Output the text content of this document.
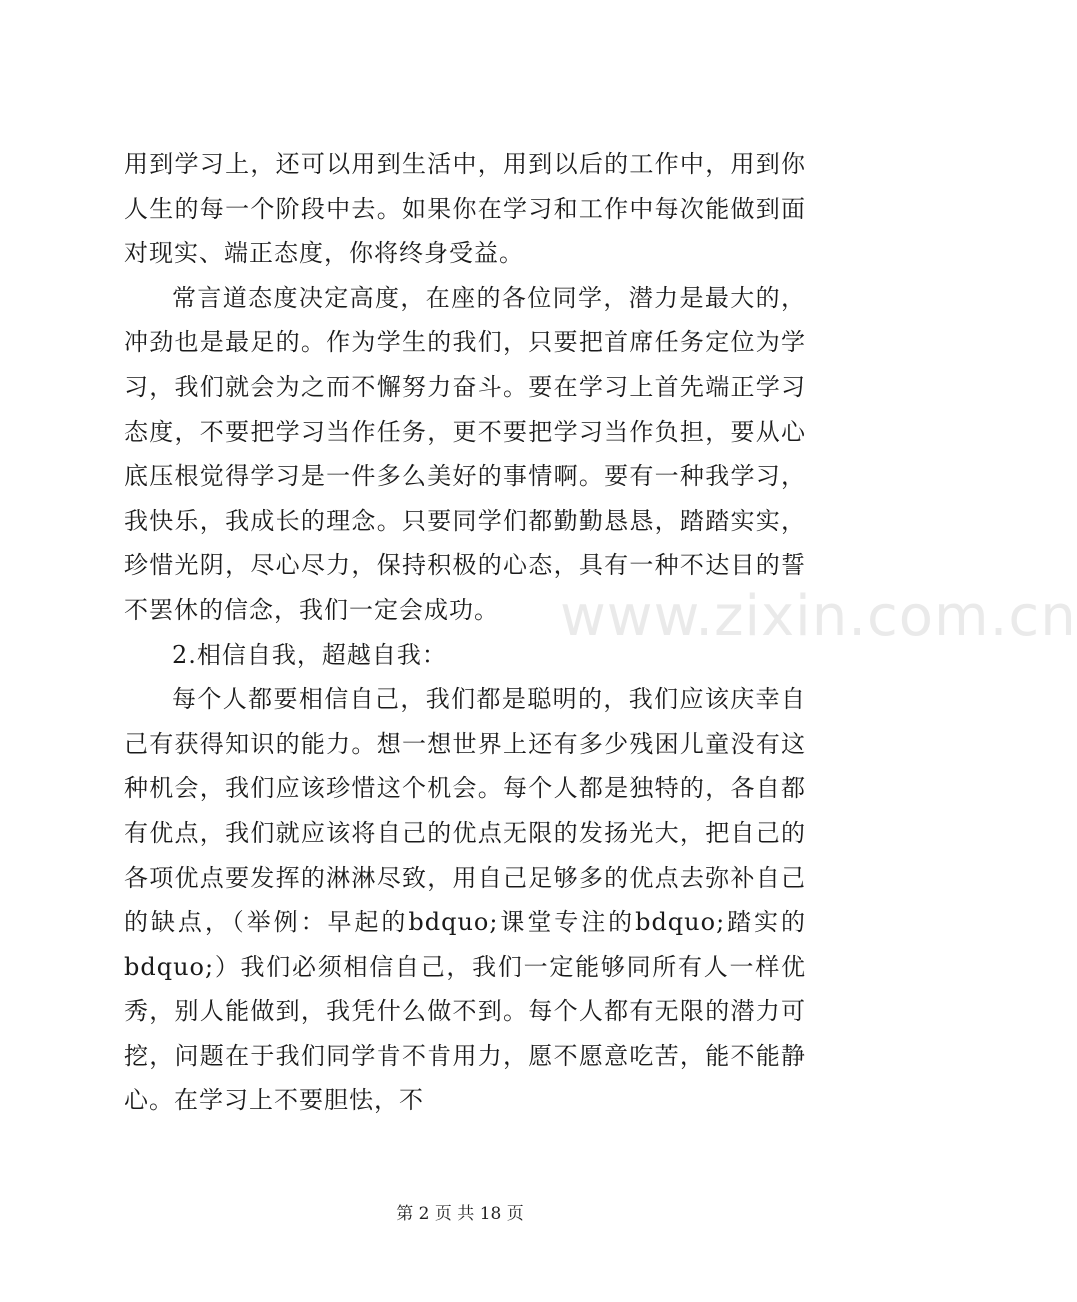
用到学习上，还可以用到生活中，用到以后的工作中，用到你人生的每一个阶段中去。如果你在学习和工作中每次能做到面对现实、端正态度，你将终身受益。

常言道态度决定高度，在座的各位同学，潜力是最大的，冲劲也是最足的。作为学生的我们，只要把首席任务定位为学习，我们就会为之而不懈努力奋斗。要在学习上首先端正学习态度，不要把学习当作任务，更不要把学习当作负担，要从心底压根觉得学习是一件多么美好的事情啊。要有一种我学习，我快乐，我成长的理念。只要同学们都勤勤恳恳，踏踏实实，珍惜光阴，尽心尽力，保持积极的心态，具有一种不达目的誓不罢休的信念，我们一定会成功。

2.相信自我，超越自我：

每个人都要相信自己，我们都是聪明的，我们应该庆幸自己有获得知识的能力。想一想世界上还有多少残困儿童没有这种机会，我们应该珍惜这个机会。每个人都是独特的，各自都有优点，我们就应该将自己的优点无限的发扬光大，把自己的各项优点要发挥的淋淋尽致，用自己足够多的优点去弥补自己的缺点，（举例：早起的bdquo;课堂专注的bdquo;踏实的bdquo;）我们必须相信自己，我们一定能够同所有人一样优秀，别人能做到，我凭什么做不到。每个人都有无限的潜力可挖，问题在于我们同学肯不肯用力，愿不愿意吃苦，能不能静心。在学习上不要胆怯，不

www.zixin.com.cn
第 2 页 共 18 页
